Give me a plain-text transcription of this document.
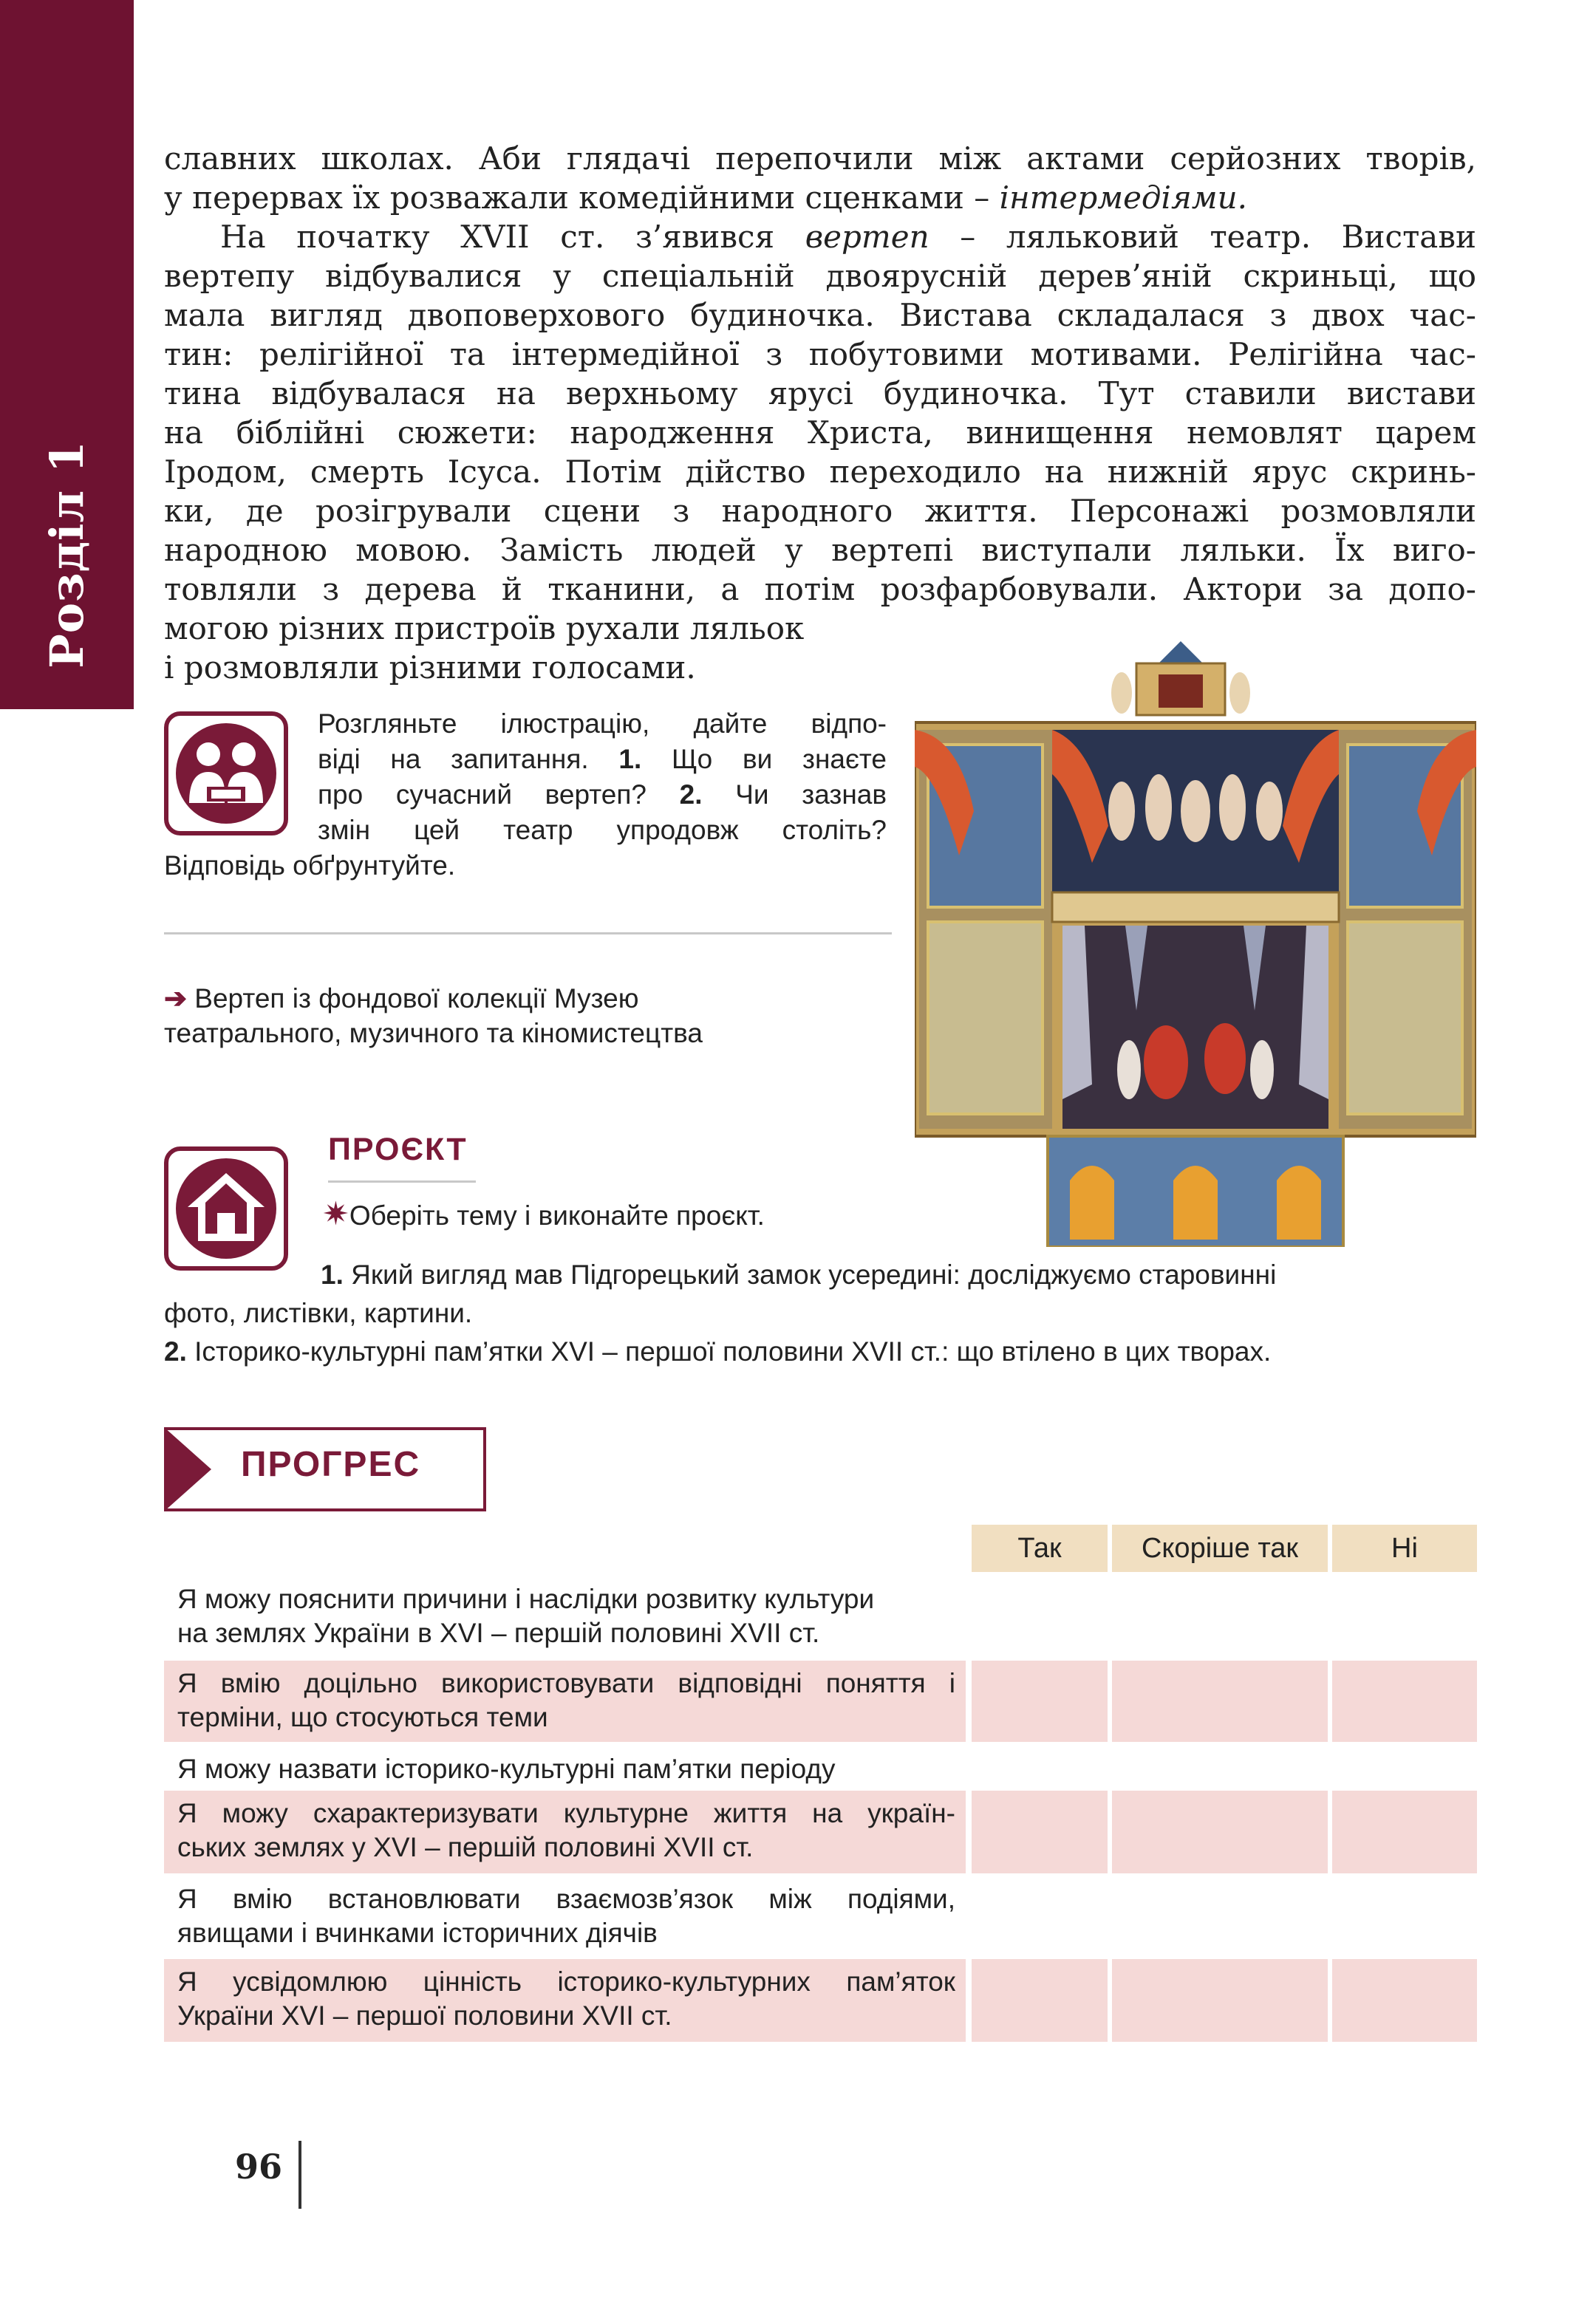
Розділ 1
славних школах. Аби глядачі перепочили між актами серйозних творів,
у перервах їх розважали комедійними сценками – інтермедіями.
На початку XVII ст. з’явився вертеп – ляльковий театр. Вистави
вертепу відбувалися у спеціальній двоярусній дерев’яній скриньці, що
мала вигляд двоповерхового будиночка. Вистава складалася з двох час-
тин: релігійної та інтермедійної з побутовими мотивами. Релігійна час-
тина відбувалася на верхньому ярусі будиночка. Тут ставили вистави
на біблійні сюжети: народження Христа, винищення немовлят царем
Іродом, смерть Ісуса. Потім дійство переходило на нижній ярус скринь-
ки, де розігрували сцени з народного життя. Персонажі розмовляли
народною мовою. Замість людей у вертепі виступали ляльки. Їх виго-
товляли з дерева й тканини, а потім розфарбовували. Актори за допо-
могою різних пристроїв рухали ляльок
і розмовляли різними голосами.
Розгляньте ілюстрацію, дайте відпо-
віді на запитання. 1. Що ви знаєте
про сучасний вертеп? 2. Чи зазнав
змін цей театр упродовж століть?
Відповідь обґрунтуйте.
➔ Вертеп із фондової колекції Музею
театрального, музичного та кіномистецтва
ПРОЄКТ
✷Оберіть тему і виконайте проєкт.
1. Який вигляд мав Підгорецький замок усередині: досліджуємо старовинні
фото, листівки, картини.
2. Історико-культурні пам’ятки XVI – першої половини XVII ст.: що втілено в цих творах.
ПРОГРЕС
Так	Скоріше так	Ні
Я можу пояснити причини і наслідки розвитку культури
на землях України в XVI – першій половині XVII ст.
Я вмію доцільно використовувати відповідні поняття і
терміни, що стосуються теми
Я можу назвати історико-культурні пам’ятки періоду
Я можу схарактеризувати культурне життя на україн-
ських землях у XVI – першій половині XVII ст.
Я вмію встановлювати взаємозв’язок між подіями,
явищами і вчинками історичних діячів
Я усвідомлюю цінність історико-культурних пам’яток
України XVI – першої половини XVII ст.
96
